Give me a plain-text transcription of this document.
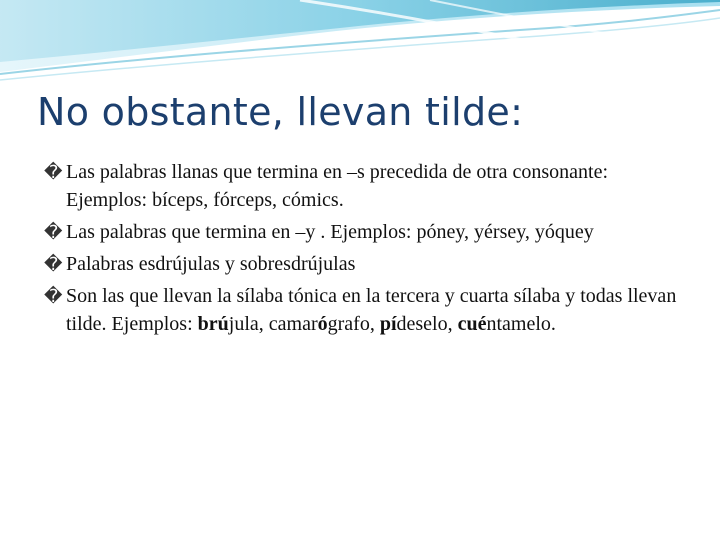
No obstante, llevan tilde:
� Las palabras llanas que termina en –s precedida de otra consonante: Ejemplos: bíceps, fórceps, cómics.
� Las palabras que termina en –y . Ejemplos: póney, yérsey, yóquey
� Palabras esdrújulas y sobresdrújulas
� Son las que llevan la sílaba tónica en la tercera y cuarta sílaba y todas llevan tilde. Ejemplos: brújula, camarógrafo, pídeselo, cuéntamelo.
